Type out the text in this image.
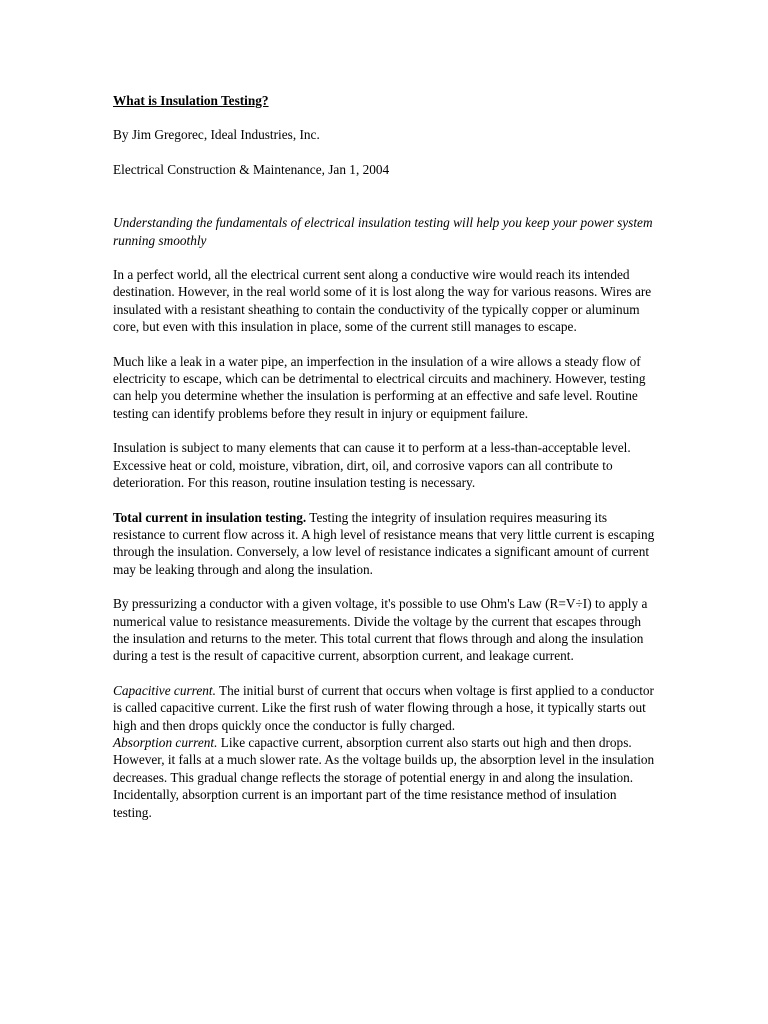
What is Insulation Testing?
By Jim Gregorec, Ideal Industries, Inc.
Electrical Construction & Maintenance, Jan 1, 2004
Understanding the fundamentals of electrical insulation testing will help you keep your power system running smoothly

In a perfect world, all the electrical current sent along a conductive wire would reach its intended destination. However, in the real world some of it is lost along the way for various reasons. Wires are insulated with a resistant sheathing to contain the conductivity of the typically copper or aluminum core, but even with this insulation in place, some of the current still manages to escape.

Much like a leak in a water pipe, an imperfection in the insulation of a wire allows a steady flow of electricity to escape, which can be detrimental to electrical circuits and machinery. However, testing can help you determine whether the insulation is performing at an effective and safe level. Routine testing can identify problems before they result in injury or equipment failure.

Insulation is subject to many elements that can cause it to perform at a less-than-acceptable level. Excessive heat or cold, moisture, vibration, dirt, oil, and corrosive vapors can all contribute to deterioration. For this reason, routine insulation testing is necessary.

Total current in insulation testing. Testing the integrity of insulation requires measuring its resistance to current flow across it. A high level of resistance means that very little current is escaping through the insulation. Conversely, a low level of resistance indicates a significant amount of current may be leaking through and along the insulation.

By pressurizing a conductor with a given voltage, it's possible to use Ohm's Law (R=V÷I) to apply a numerical value to resistance measurements. Divide the voltage by the current that escapes through the insulation and returns to the meter. This total current that flows through and along the insulation during a test is the result of capacitive current, absorption current, and leakage current.

Capacitive current. The initial burst of current that occurs when voltage is first applied to a conductor is called capacitive current. Like the first rush of water flowing through a hose, it typically starts out high and then drops quickly once the conductor is fully charged.

Absorption current. Like capactive current, absorption current also starts out high and then drops. However, it falls at a much slower rate. As the voltage builds up, the absorption level in the insulation decreases. This gradual change reflects the storage of potential energy in and along the insulation. Incidentally, absorption current is an important part of the time resistance method of insulation testing.
